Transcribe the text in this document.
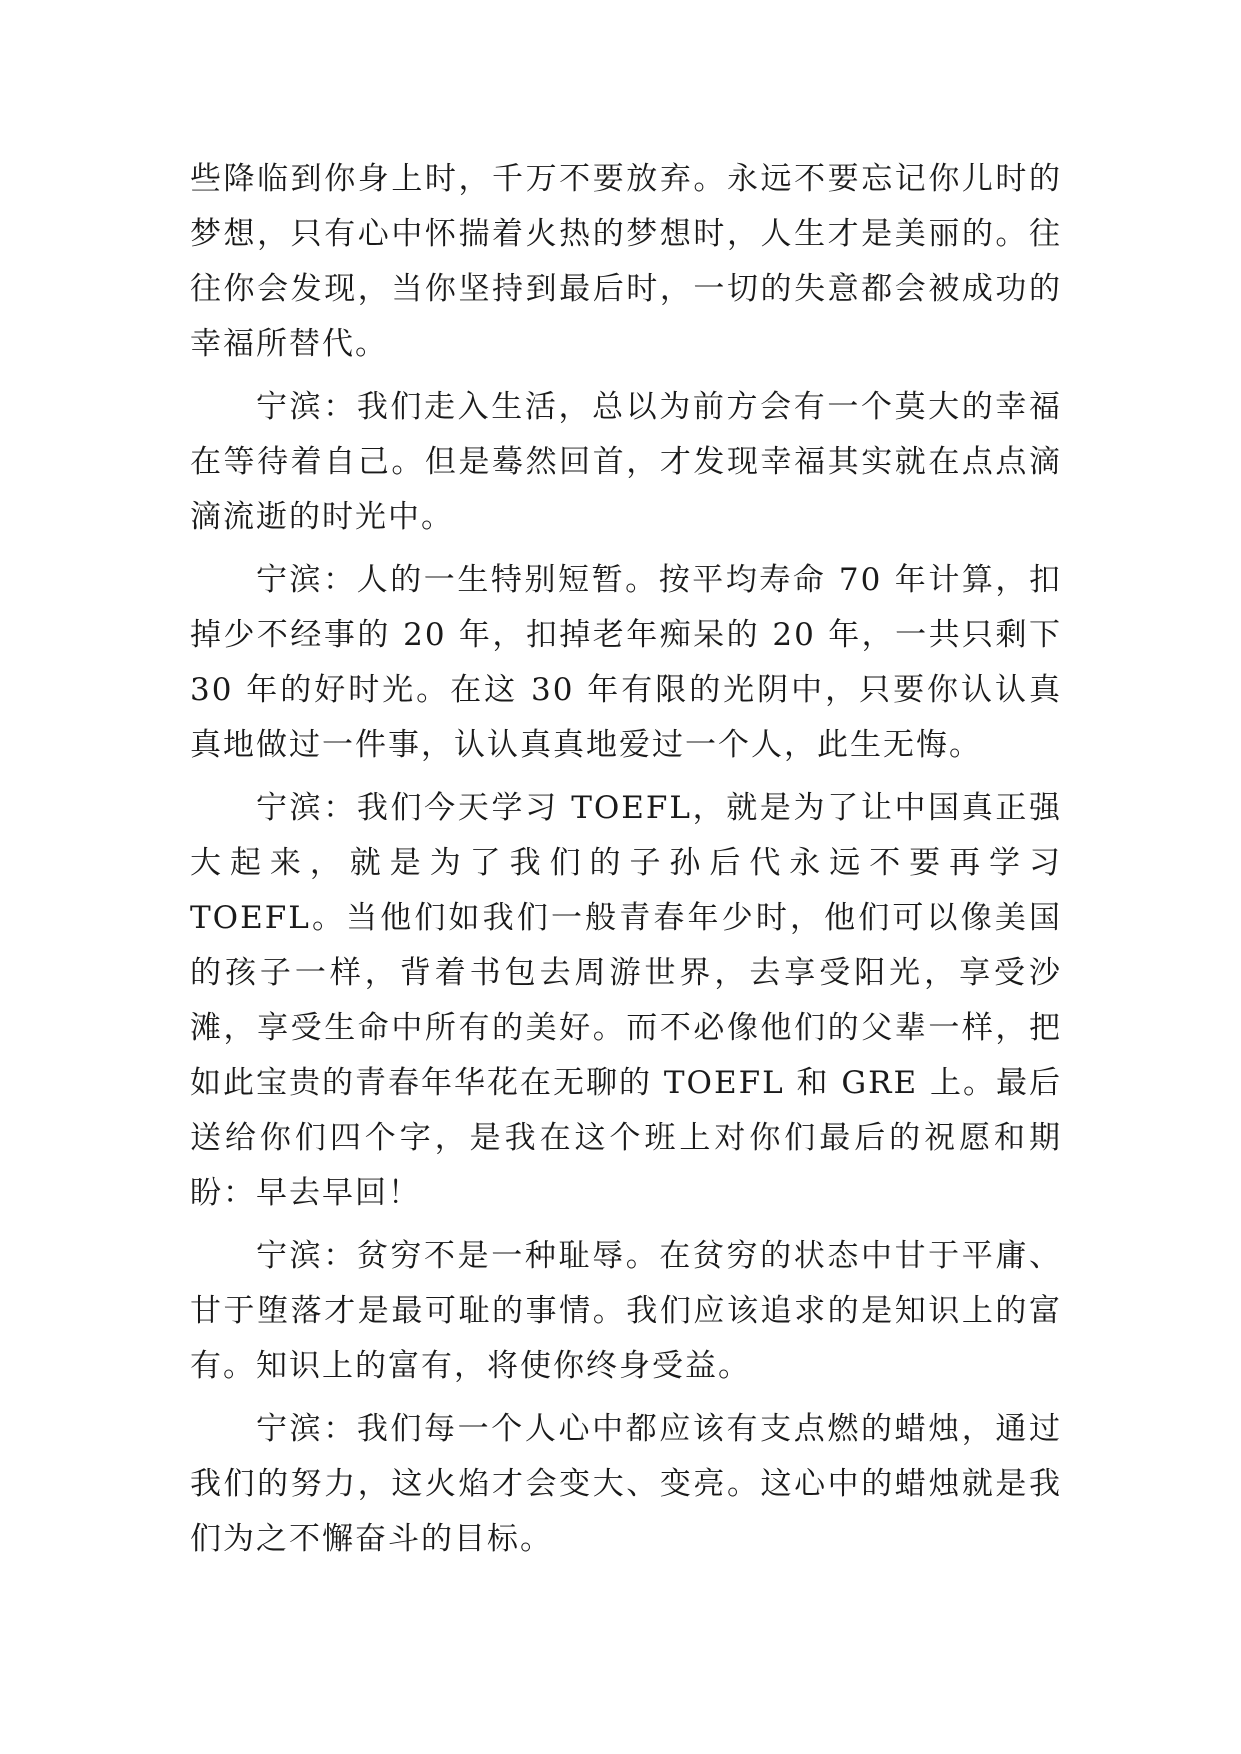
些降临到你身上时，千万不要放弃。永远不要忘记你儿时的梦想，只有心中怀揣着火热的梦想时，人生才是美丽的。往往你会发现，当你坚持到最后时，一切的失意都会被成功的幸福所替代。

宁滨：我们走入生活，总以为前方会有一个莫大的幸福在等待着自己。但是蓦然回首，才发现幸福其实就在点点滴滴流逝的时光中。

宁滨：人的一生特别短暂。按平均寿命 70 年计算，扣掉少不经事的 20 年，扣掉老年痴呆的 20 年，一共只剩下 30 年的好时光。在这 30 年有限的光阴中，只要你认认真真地做过一件事，认认真真地爱过一个人，此生无悔。

宁滨：我们今天学习 TOEFL，就是为了让中国真正强大起来，就是为了我们的子孙后代永远不要再学习 TOEFL。当他们如我们一般青春年少时，他们可以像美国的孩子一样，背着书包去周游世界，去享受阳光，享受沙滩，享受生命中所有的美好。而不必像他们的父辈一样，把如此宝贵的青春年华花在无聊的 TOEFL 和 GRE 上。最后送给你们四个字，是我在这个班上对你们最后的祝愿和期盼：早去早回！

宁滨：贫穷不是一种耻辱。在贫穷的状态中甘于平庸、甘于堕落才是最可耻的事情。我们应该追求的是知识上的富有。知识上的富有，将使你终身受益。

宁滨：我们每一个人心中都应该有支点燃的蜡烛，通过我们的努力，这火焰才会变大、变亮。这心中的蜡烛就是我们为之不懈奋斗的目标。
